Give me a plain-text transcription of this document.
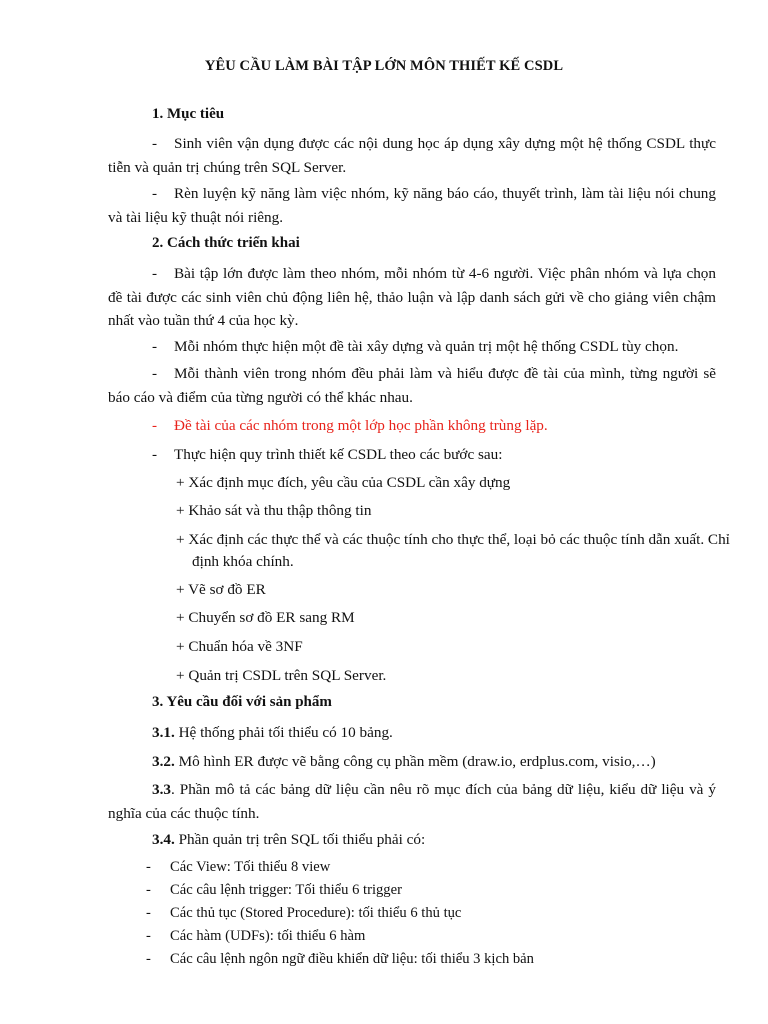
YÊU CẦU LÀM BÀI TẬP LỚN MÔN THIẾT KẾ CSDL
1. Mục tiêu
- Sinh viên vận dụng được các nội dung học áp dụng xây dựng một hệ thống CSDL thực tiễn và quản trị chúng trên SQL Server.
- Rèn luyện kỹ năng làm việc nhóm, kỹ năng báo cáo, thuyết trình, làm tài liệu nói chung và tài liệu kỹ thuật nói riêng.
2. Cách thức triển khai
- Bài tập lớn được làm theo nhóm, mỗi nhóm từ 4-6 người. Việc phân nhóm và lựa chọn đề tài được các sinh viên chủ động liên hệ, thảo luận và lập danh sách gửi về cho giảng viên chậm nhất vào tuần thứ 4 của học kỳ.
- Mỗi nhóm thực hiện một đề tài xây dựng và quản trị một hệ thống CSDL tùy chọn.
- Mỗi thành viên trong nhóm đều phải làm và hiểu được đề tài của mình, từng người sẽ báo cáo và điểm của từng người có thể khác nhau.
- Đề tài của các nhóm trong một lớp học phần không trùng lặp.
- Thực hiện quy trình thiết kế CSDL theo các bước sau:
+ Xác định mục đích, yêu cầu của CSDL cần xây dựng
+ Khảo sát và thu thập thông tin
+ Xác định các thực thể và các thuộc tính cho thực thể, loại bỏ các thuộc tính dẫn xuất. Chỉ định khóa chính.
+ Vẽ sơ đồ ER
+ Chuyển sơ đồ ER sang RM
+ Chuẩn hóa về 3NF
+ Quản trị CSDL trên SQL Server.
3. Yêu cầu đối với sản phẩm
3.1. Hệ thống phải tối thiểu có 10 bảng.
3.2. Mô hình ER được vẽ bằng công cụ phần mềm (draw.io, erdplus.com, visio,…)
3.3. Phần mô tả các bảng dữ liệu cần nêu rõ mục đích của bảng dữ liệu, kiểu dữ liệu và ý nghĩa của các thuộc tính.
3.4. Phần quản trị trên SQL tối thiểu phải có:
- Các View: Tối thiểu 8 view
- Các câu lệnh trigger: Tối thiểu 6 trigger
- Các thủ tục (Stored Procedure): tối thiểu 6 thủ tục
- Các hàm (UDFs): tối thiểu 6 hàm
- Các câu lệnh ngôn ngữ điều khiển dữ liệu: tối thiểu 3 kịch bản
